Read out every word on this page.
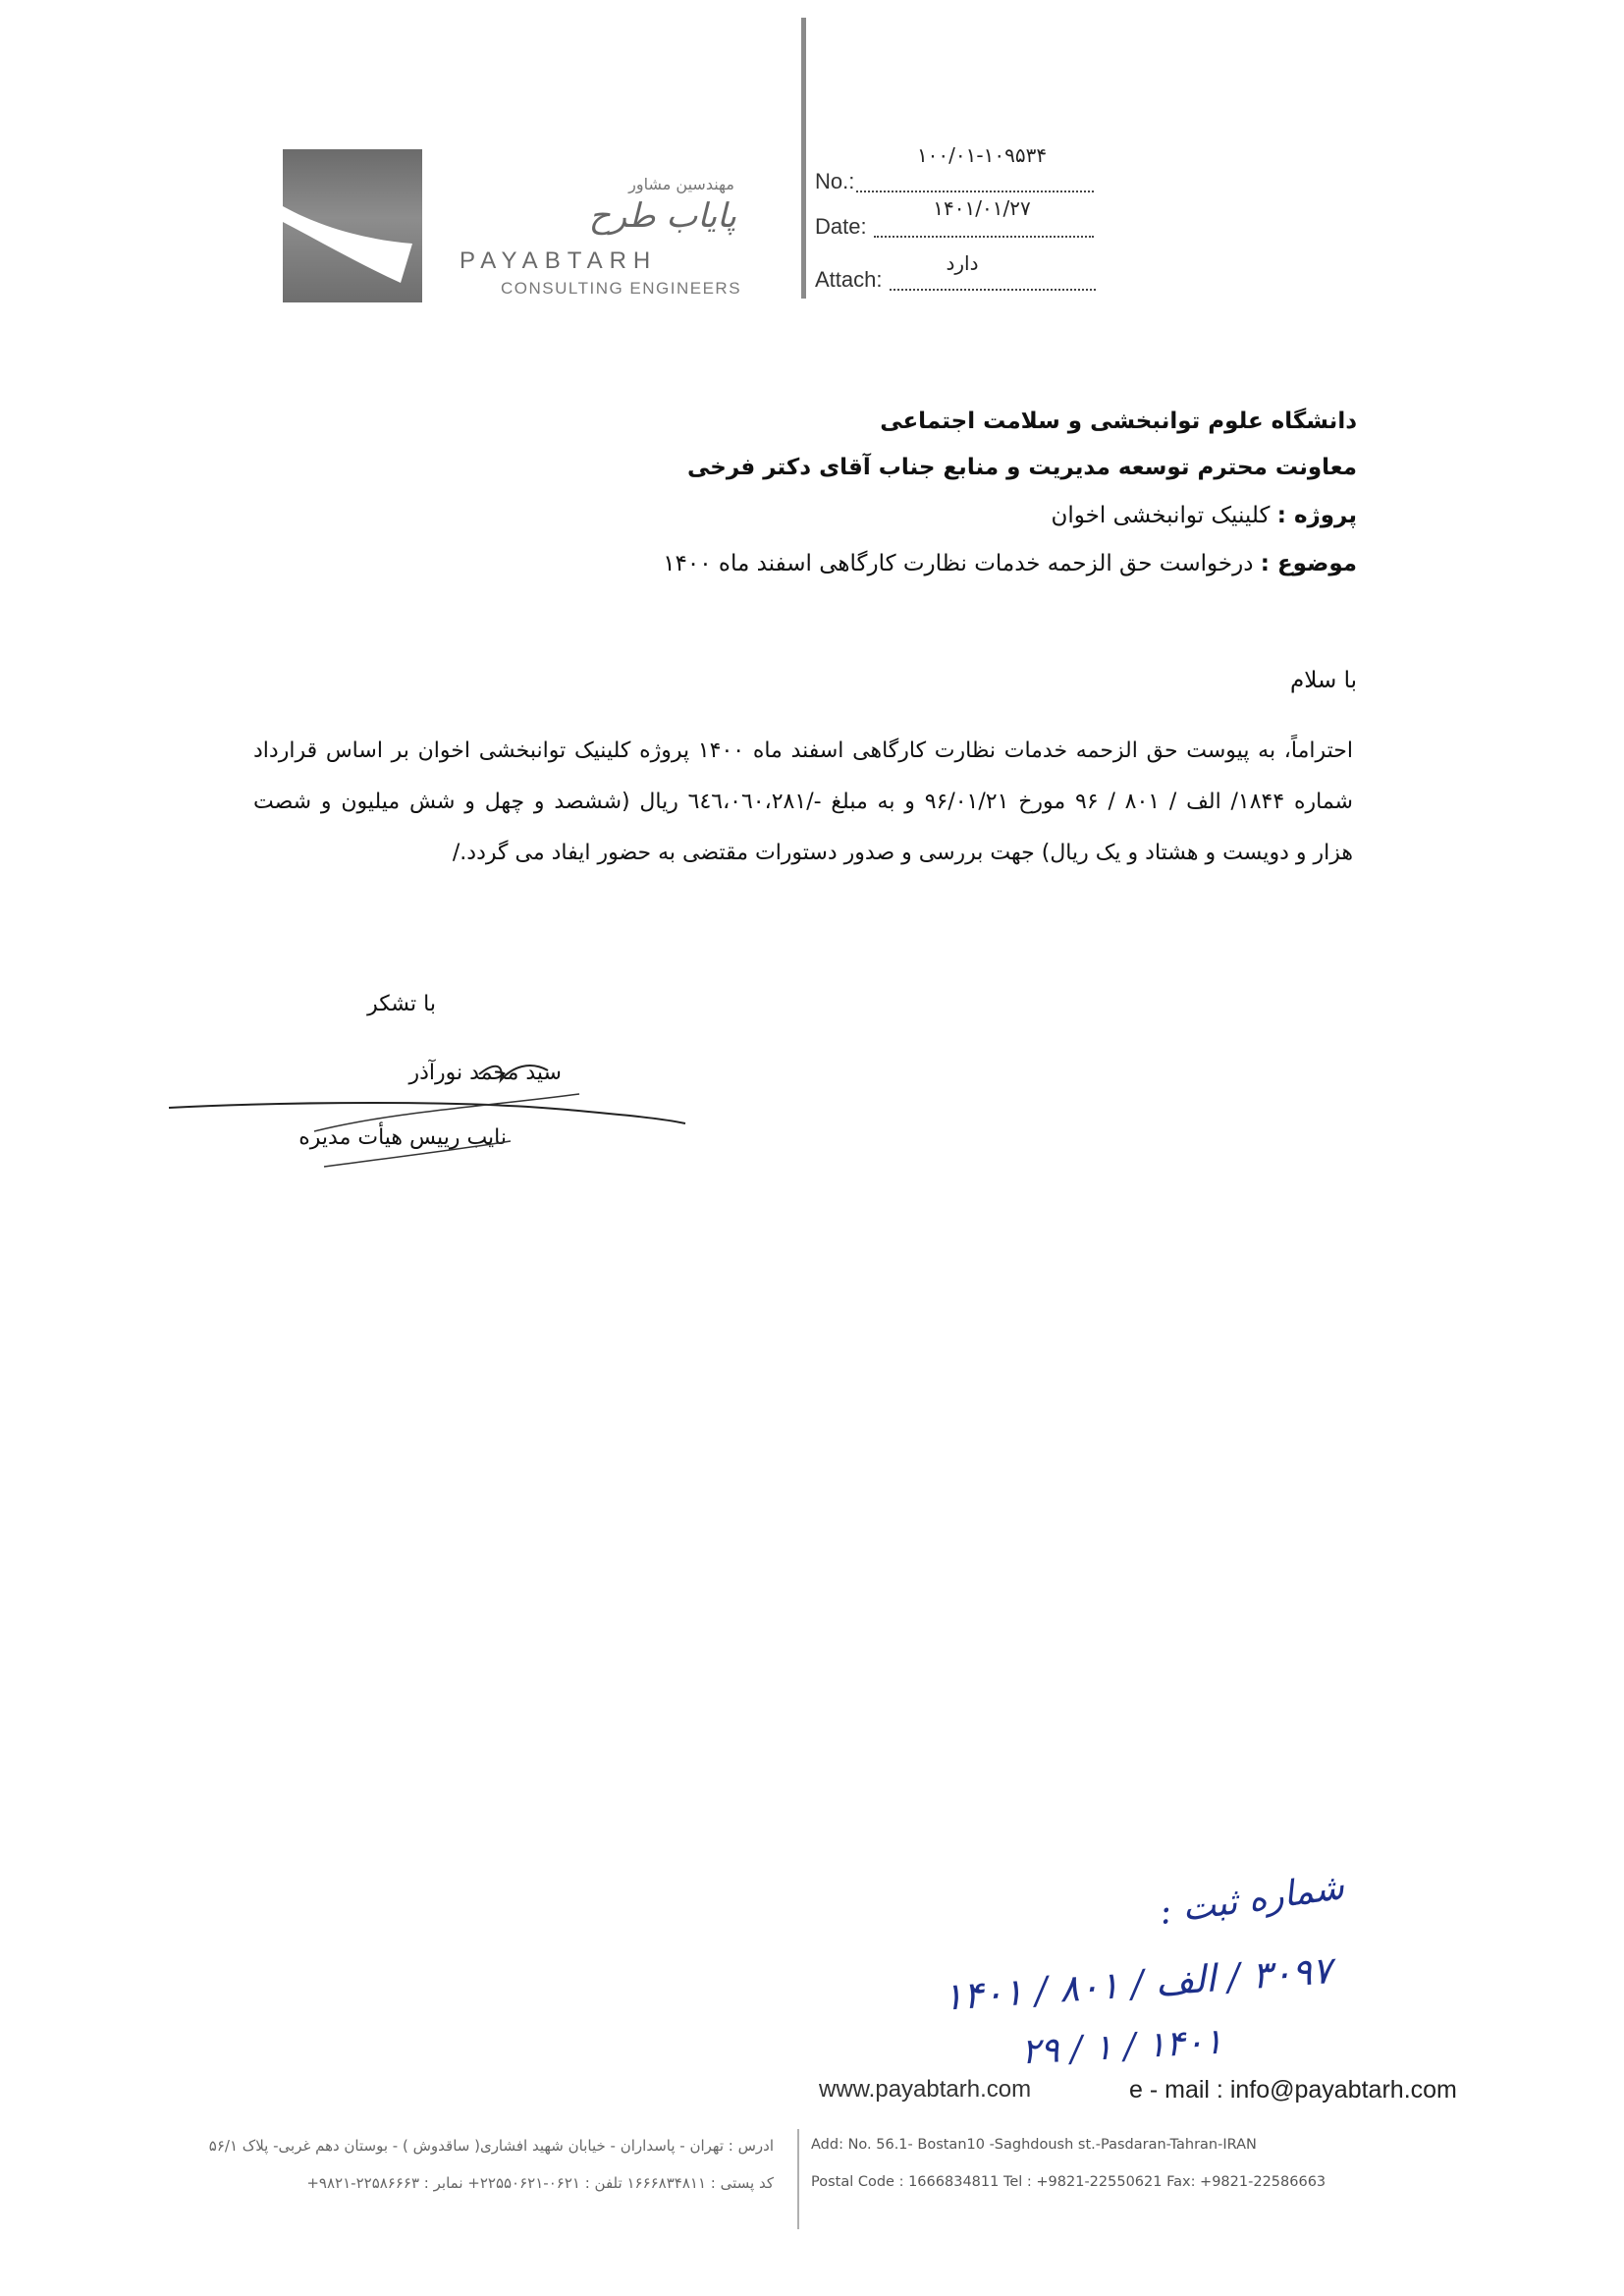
مهندسین مشاور
پایاب طرح
PAYABTARH
CONSULTING ENGINEERS
۱۰۰/۰۱-۱۰۹۵۳۴
No.:
۱۴۰۱/۰۱/۲۷
Date:
دارد
Attach:
دانشگاه علوم توانبخشی و سلامت اجتماعی
معاونت محترم توسعه مدیریت و منابع جناب آقای دکتر فرخی
پروژه : کلینیک توانبخشی اخوان
موضوع : درخواست حق الزحمه خدمات نظارت کارگاهی اسفند ماه ۱۴۰۰
با سلام
احتراماً، به پیوست حق الزحمه خدمات نظارت کارگاهی اسفند ماه ۱۴۰۰ پروژه کلینیک توانبخشی اخوان بر اساس قرارداد
شماره ۱۸۴۴/ الف / ۸۰۱ / ۹۶ مورخ ۹۶/۰۱/۲۱ و به مبلغ -/٦٤٦،٠٦٠،٢٨١ ریال (ششصد و چهل و شش میلیون و شصت
هزار و دویست و هشتاد و یک ریال) جهت بررسی و صدور دستورات مقتضی به حضور ایفاد می گردد./
با تشکر
سید محمد نورآذر
نایب رییس هیأت مدیره
شماره ثبت :
۳۰۹۷ / الف / ۸۰۱ / ۱۴۰۱
۱۴۰۱ / ۱ / ۲۹
www.payabtarh.com	e - mail : info@payabtarh.com
Add: No. 56.1- Bostan10 -Saghdoush st.-Pasdaran-Tahran-IRAN
Postal Code : 1666834811 Tel : +9821-22550621 Fax: +9821-22586663
ادرس : تهران - پاسداران - خیابان شهید افشاری( ساقدوش ) - بوستان دهم غربی- پلاک ۵۶/۱
کد پستی : ۱۶۶۶۸۳۴۸۱۱ تلفن : ۰۶۲۱-۲۲۵۵۰۶۲۱+ نمابر : ۲۲۵۸۶۶۶۳-۹۸۲۱+
